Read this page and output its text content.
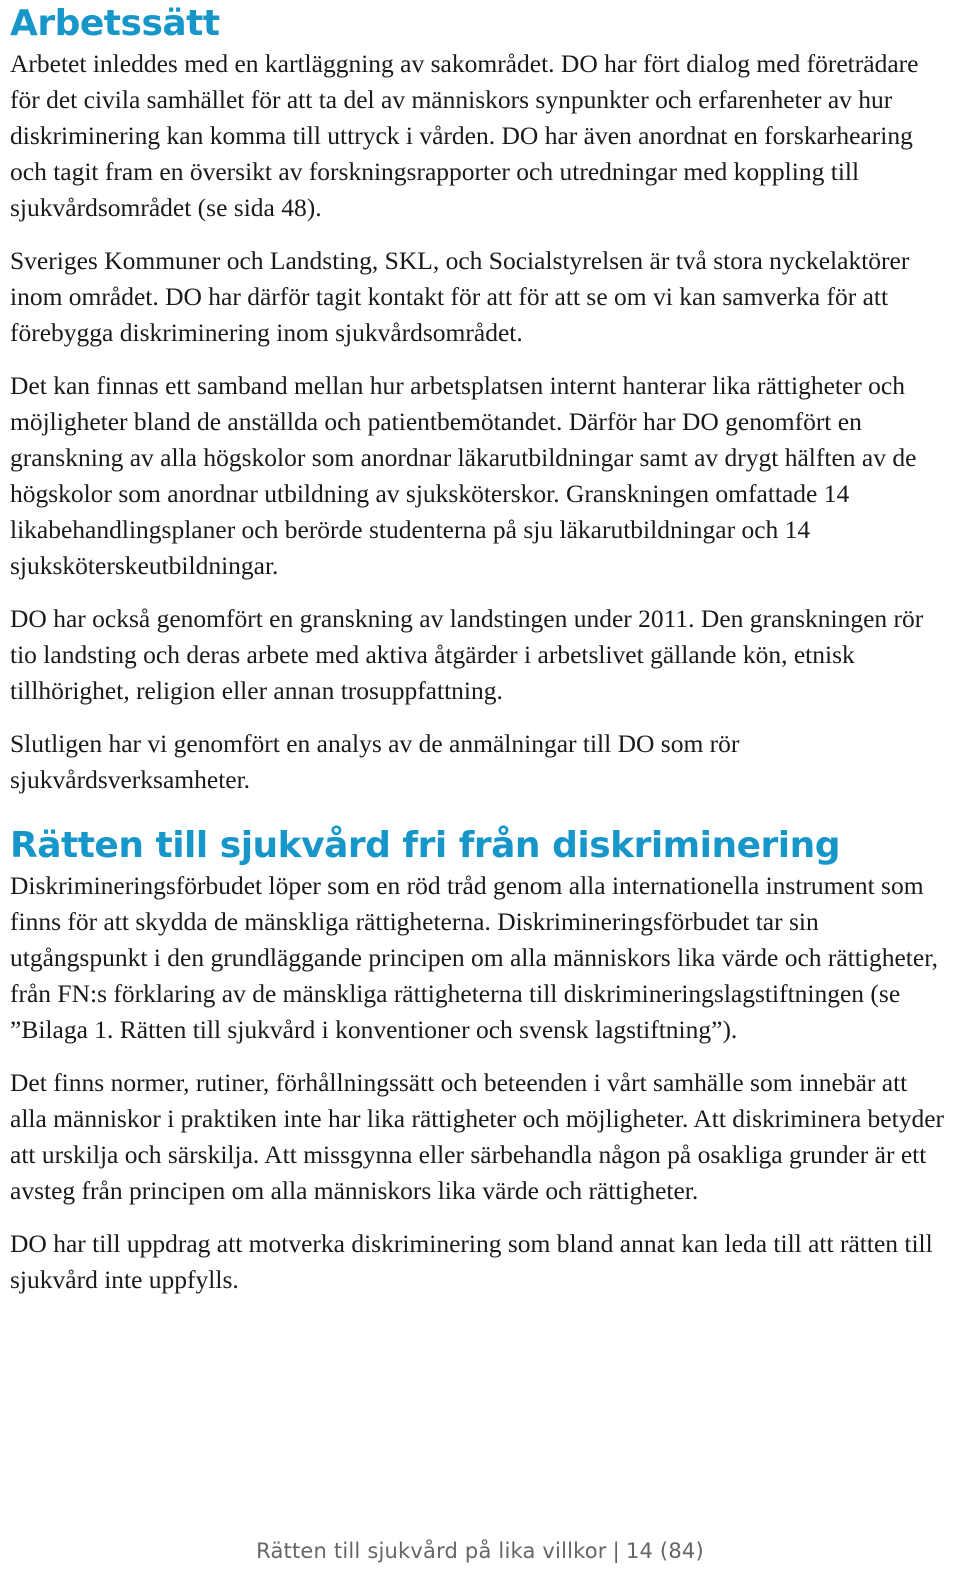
Arbetssätt

Arbetet inleddes med en kartläggning av sakområdet. DO har fört dialog med företrädare för det civila samhället för att ta del av människors synpunkter och erfarenheter av hur diskriminering kan komma till uttryck i vården. DO har även anordnat en forskarhearing och tagit fram en översikt av forskningsrapporter och utredningar med koppling till sjukvårdsområdet (se sida 48).

Sveriges Kommuner och Landsting, SKL, och Socialstyrelsen är två stora nyckelaktörer inom området. DO har därför tagit kontakt för att för att se om vi kan samverka för att förebygga diskriminering inom sjukvårdsområdet.

Det kan finnas ett samband mellan hur arbetsplatsen internt hanterar lika rättigheter och möjligheter bland de anställda och patientbemötandet. Därför har DO genomfört en granskning av alla högskolor som anordnar läkarutbildningar samt av drygt hälften av de högskolor som anordnar utbildning av sjuksköterskor. Granskningen omfattade 14 likabehandlingsplaner och berörde studenterna på sju läkarutbildningar och 14 sjuksköterskeutbildningar.

DO har också genomfört en granskning av landstingen under 2011. Den granskningen rör tio landsting och deras arbete med aktiva åtgärder i arbetslivet gällande kön, etnisk tillhörighet, religion eller annan trosuppfattning.

Slutligen har vi genomfört en analys av de anmälningar till DO som rör sjukvårdsverksamheter.

Rätten till sjukvård fri från diskriminering

Diskrimineringsförbudet löper som en röd tråd genom alla internationella instrument som finns för att skydda de mänskliga rättigheterna. Diskrimineringsförbudet tar sin utgångspunkt i den grundläggande principen om alla människors lika värde och rättigheter, från FN:s förklaring av de mänskliga rättigheterna till diskrimineringslagstiftningen (se ”Bilaga 1. Rätten till sjukvård i konventioner och svensk lagstiftning”).

Det finns normer, rutiner, förhållningssätt och beteenden i vårt samhälle som innebär att alla människor i praktiken inte har lika rättigheter och möjligheter. Att diskriminera betyder att urskilja och särskilja. Att missgynna eller särbehandla någon på osakliga grunder är ett avsteg från principen om alla människors lika värde och rättigheter.

DO har till uppdrag att motverka diskriminering som bland annat kan leda till att rätten till sjukvård inte uppfylls.

Rätten till sjukvård på lika villkor | 14 (84)
